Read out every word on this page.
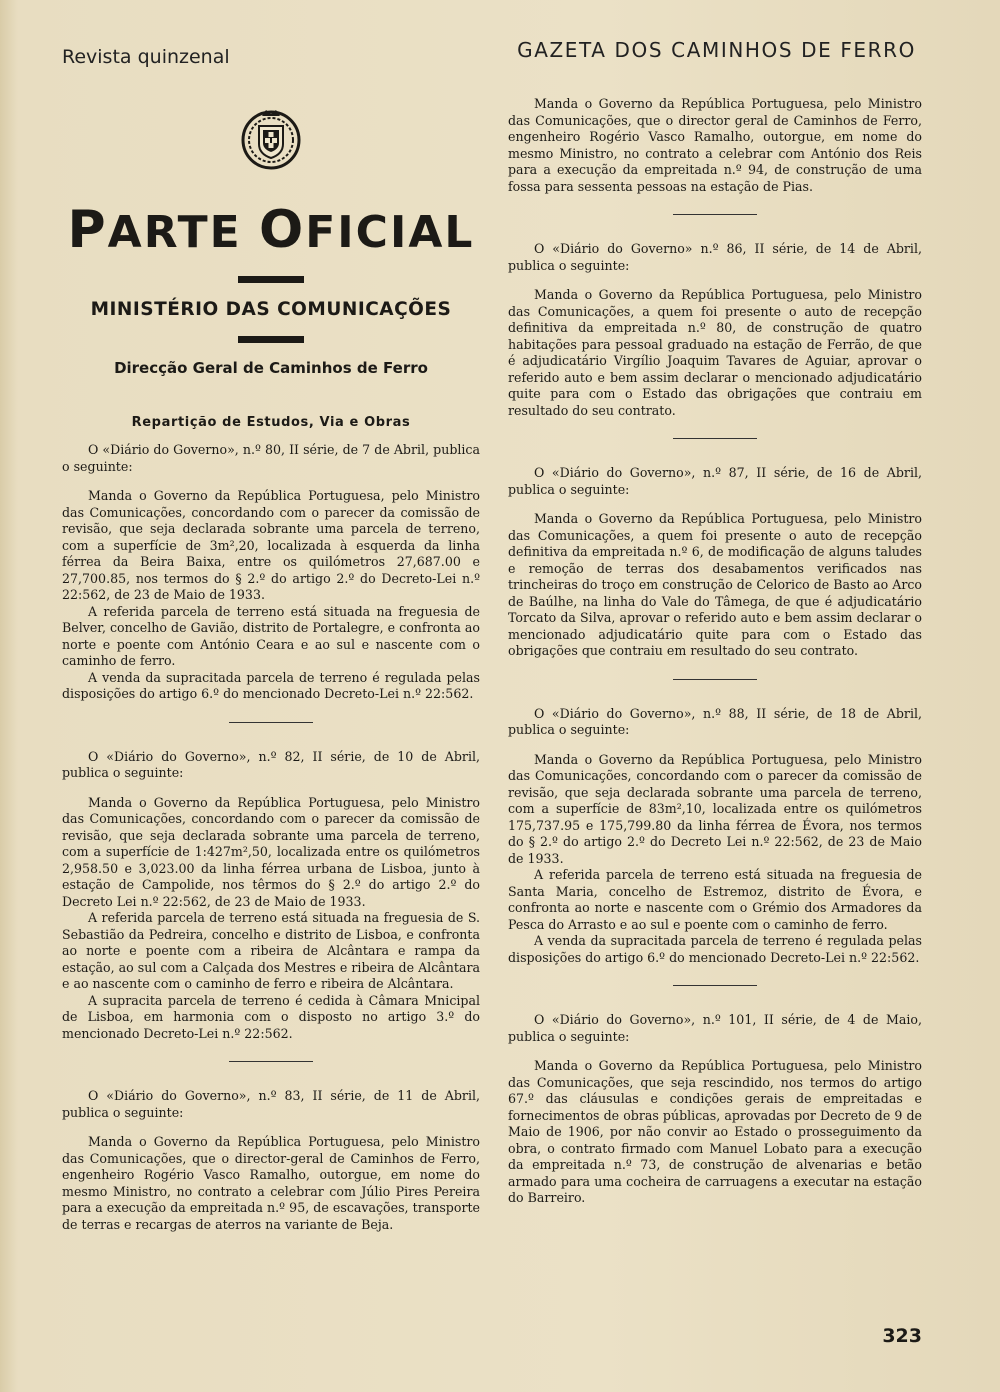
Revista quinzenal	GAZETA DOS CAMINHOS DE FERRO
PARTE OFICIAL
MINISTÉRIO DAS COMUNICAÇÕES
Direcção Geral de Caminhos de Ferro
Repartição de Estudos, Via e Obras

O «Diário do Governo», n.º 80, II série, de 7 de Abril, publica o seguinte:

Manda o Governo da República Portuguesa, pelo Ministro das Comunicações, concordando com o parecer da comissão de revisão, que seja declarada sobrante uma parcela de terreno, com a superfície de 3m²,20, localizada à esquerda da linha férrea da Beira Baixa, entre os quilómetros 27,687.00 e 27,700.85, nos termos do § 2.º do artigo 2.º do Decreto-Lei n.º 22:562, de 23 de Maio de 1933.

A referida parcela de terreno está situada na freguesia de Belver, concelho de Gavião, distrito de Portalegre, e confronta ao norte e poente com António Ceara e ao sul e nascente com o caminho de ferro.

A venda da supracitada parcela de terreno é regulada pelas disposições do artigo 6.º do mencionado Decreto-Lei n.º 22:562.

O «Diário do Governo», n.º 82, II série, de 10 de Abril, publica o seguinte:

Manda o Governo da República Portuguesa, pelo Ministro das Comunicações, concordando com o parecer da comissão de revisão, que seja declarada sobrante uma parcela de terreno, com a superfície de 1:427m²,50, localizada entre os quilómetros 2,958.50 e 3,023.00 da linha férrea urbana de Lisboa, junto à estação de Campolide, nos têrmos do § 2.º do artigo 2.º do Decreto Lei n.º 22:562, de 23 de Maio de 1933.

A referida parcela de terreno está situada na freguesia de S. Sebastião da Pedreira, concelho e distrito de Lisboa, e confronta ao norte e poente com a ribeira de Alcântara e rampa da estação, ao sul com a Calçada dos Mestres e ribeira de Alcântara e ao nascente com o caminho de ferro e ribeira de Alcântara.

A supracita parcela de terreno é cedida à Câmara Mnicipal de Lisboa, em harmonia com o disposto no artigo 3.º do mencionado Decreto-Lei n.º 22:562.

O «Diário do Governo», n.º 83, II série, de 11 de Abril, publica o seguinte:

Manda o Governo da República Portuguesa, pelo Ministro das Comunicações, que o director-geral de Caminhos de Ferro, engenheiro Rogério Vasco Ramalho, outorgue, em nome do mesmo Ministro, no contrato a celebrar com Júlio Pires Pereira para a execução da empreitada n.º 95, de escavações, transporte de terras e recargas de aterros na variante de Beja.

Manda o Governo da República Portuguesa, pelo Ministro das Comunicações, que o director geral de Caminhos de Ferro, engenheiro Rogério Vasco Ramalho, outorgue, em nome do mesmo Ministro, no contrato a celebrar com António dos Reis para a execução da empreitada n.º 94, de construção de uma fossa para sessenta pessoas na estação de Pias.

O «Diário do Governo» n.º 86, II série, de 14 de Abril, publica o seguinte:

Manda o Governo da República Portuguesa, pelo Ministro das Comunicações, a quem foi presente o auto de recepção definitiva da empreitada n.º 80, de construção de quatro habitações para pessoal graduado na estação de Ferrão, de que é adjudicatário Virgílio Joaquim Tavares de Aguiar, aprovar o referido auto e bem assim declarar o mencionado adjudicatário quite para com o Estado das obrigações que contraiu em resultado do seu contrato.

O «Diário do Governo», n.º 87, II série, de 16 de Abril, publica o seguinte:

Manda o Governo da República Portuguesa, pelo Ministro das Comunicações, a quem foi presente o auto de recepção definitiva da empreitada n.º 6, de modificação de alguns taludes e remoção de terras dos desabamentos verificados nas trincheiras do troço em construção de Celorico de Basto ao Arco de Baúlhe, na linha do Vale do Tâmega, de que é adjudicatário Torcato da Silva, aprovar o referido auto e bem assim declarar o mencionado adjudicatário quite para com o Estado das obrigações que contraiu em resultado do seu contrato.

O «Diário do Governo», n.º 88, II série, de 18 de Abril, publica o seguinte:

Manda o Governo da República Portuguesa, pelo Ministro das Comunicações, concordando com o parecer da comissão de revisão, que seja declarada sobrante uma parcela de terreno, com a superfície de 83m²,10, localizada entre os quilómetros 175,737.95 e 175,799.80 da linha férrea de Évora, nos termos do § 2.º do artigo 2.º do Decreto Lei n.º 22:562, de 23 de Maio de 1933.

A referida parcela de terreno está situada na freguesia de Santa Maria, concelho de Estremoz, distrito de Évora, e confronta ao norte e nascente com o Grémio dos Armadores da Pesca do Arrasto e ao sul e poente com o caminho de ferro.

A venda da supracitada parcela de terreno é regulada pelas disposições do artigo 6.º do mencionado Decreto-Lei n.º 22:562.

O «Diário do Governo», n.º 101, II série, de 4 de Maio, publica o seguinte:

Manda o Governo da República Portuguesa, pelo Ministro das Comunicações, que seja rescindido, nos termos do artigo 67.º das cláusulas e condições gerais de empreitadas e fornecimentos de obras públicas, aprovadas por Decreto de 9 de Maio de 1906, por não convir ao Estado o prosseguimento da obra, o contrato firmado com Manuel Lobato para a execução da empreitada n.º 73, de construção de alvenarias e betão armado para uma cocheira de carruagens a executar na estação do Barreiro.

323
